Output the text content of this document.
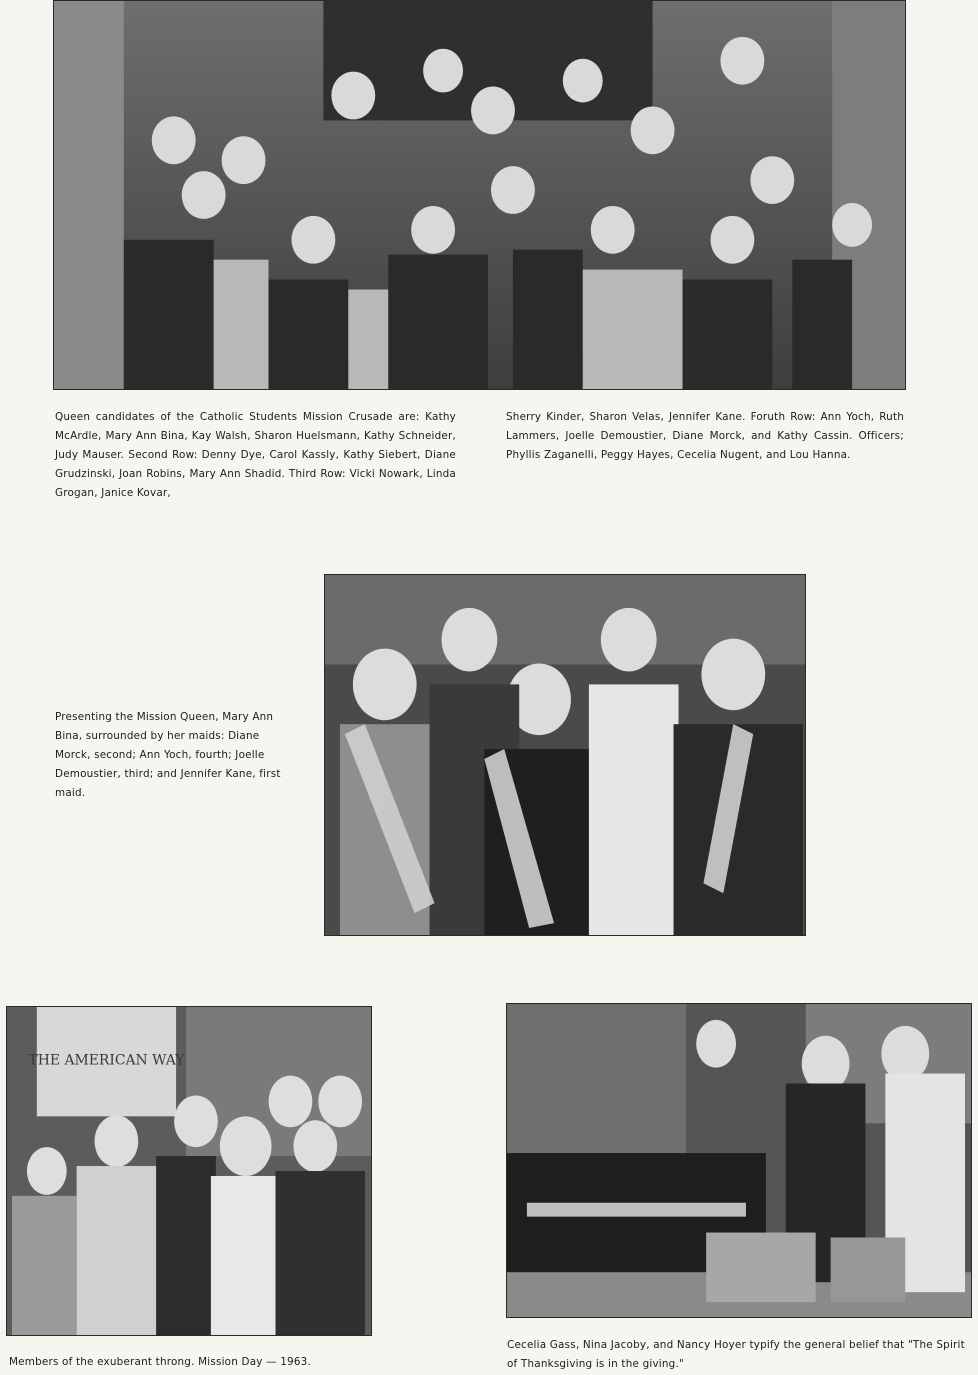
Queen candidates of the Catholic Students Mission Crusade are: Kathy McArdle, Mary Ann Bina, Kay Walsh, Sharon Huelsmann, Kathy Schneider, Judy Mauser. Second Row: Denny Dye, Carol Kassly, Kathy Siebert, Diane Grudzinski, Joan Robins, Mary Ann Shadid. Third Row: Vicki Nowark, Linda Grogan, Janice Kovar,

Sherry Kinder, Sharon Velas, Jennifer Kane. Foruth Row: Ann Yoch, Ruth Lammers, Joelle Demoustier, Diane Morck, and Kathy Cassin. Officers; Phyllis Zaganelli, Peggy Hayes, Cecelia Nugent, and Lou Hanna.

Presenting the Mission Queen, Mary Ann Bina, surrounded by her maids: Diane Morck, second; Ann Yoch, fourth; Joelle Demoustier, third; and Jennifer Kane, first maid.

THE AMERICAN WAY

Members of the exuberant throng. Mission Day — 1963.

Cecelia Gass, Nina Jacoby, and Nancy Hoyer typify the general belief that "The Spirit of Thanksgiving is in the giving."
